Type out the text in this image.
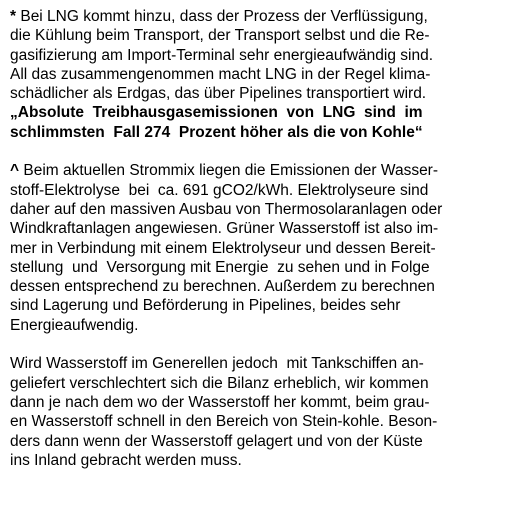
* Bei LNG kommt hinzu, dass der Prozess der Verflüssigung,
die Kühlung beim Transport, der Transport selbst und die Re-
gasifizierung am Import-Terminal sehr energieaufwändig sind.
All das zusammengenommen macht LNG in der Regel klima-
schädlicher als Erdgas, das über Pipelines transportiert wird.
„Absolute  Treibhausgasemissionen  von  LNG  sind  im
schlimmsten  Fall 274  Prozent höher als die von Kohle“
^ Beim aktuellen Strommix liegen die Emissionen der Wasser-
stoff-Elektrolyse  bei  ca. 691 gCO2/kWh. Elektrolyseure sind
daher auf den massiven Ausbau von Thermosolaranlagen oder
Windkraftanlagen angewiesen. Grüner Wasserstoff ist also im-
mer in Verbindung mit einem Elektrolyseur und dessen Bereit-
stellung  und  Versorgung mit Energie  zu sehen und in Folge
dessen entsprechend zu berechnen. Außerdem zu berechnen
sind Lagerung und Beförderung in Pipelines, beides sehr
Energieaufwendig.
Wird Wasserstoff im Generellen jedoch  mit Tankschiffen an-
geliefert verschlechtert sich die Bilanz erheblich, wir kommen
dann je nach dem wo der Wasserstoff her kommt, beim grau-
en Wasserstoff schnell in den Bereich von Stein-kohle. Beson-
ders dann wenn der Wasserstoff gelagert und von der Küste
ins Inland gebracht werden muss.
